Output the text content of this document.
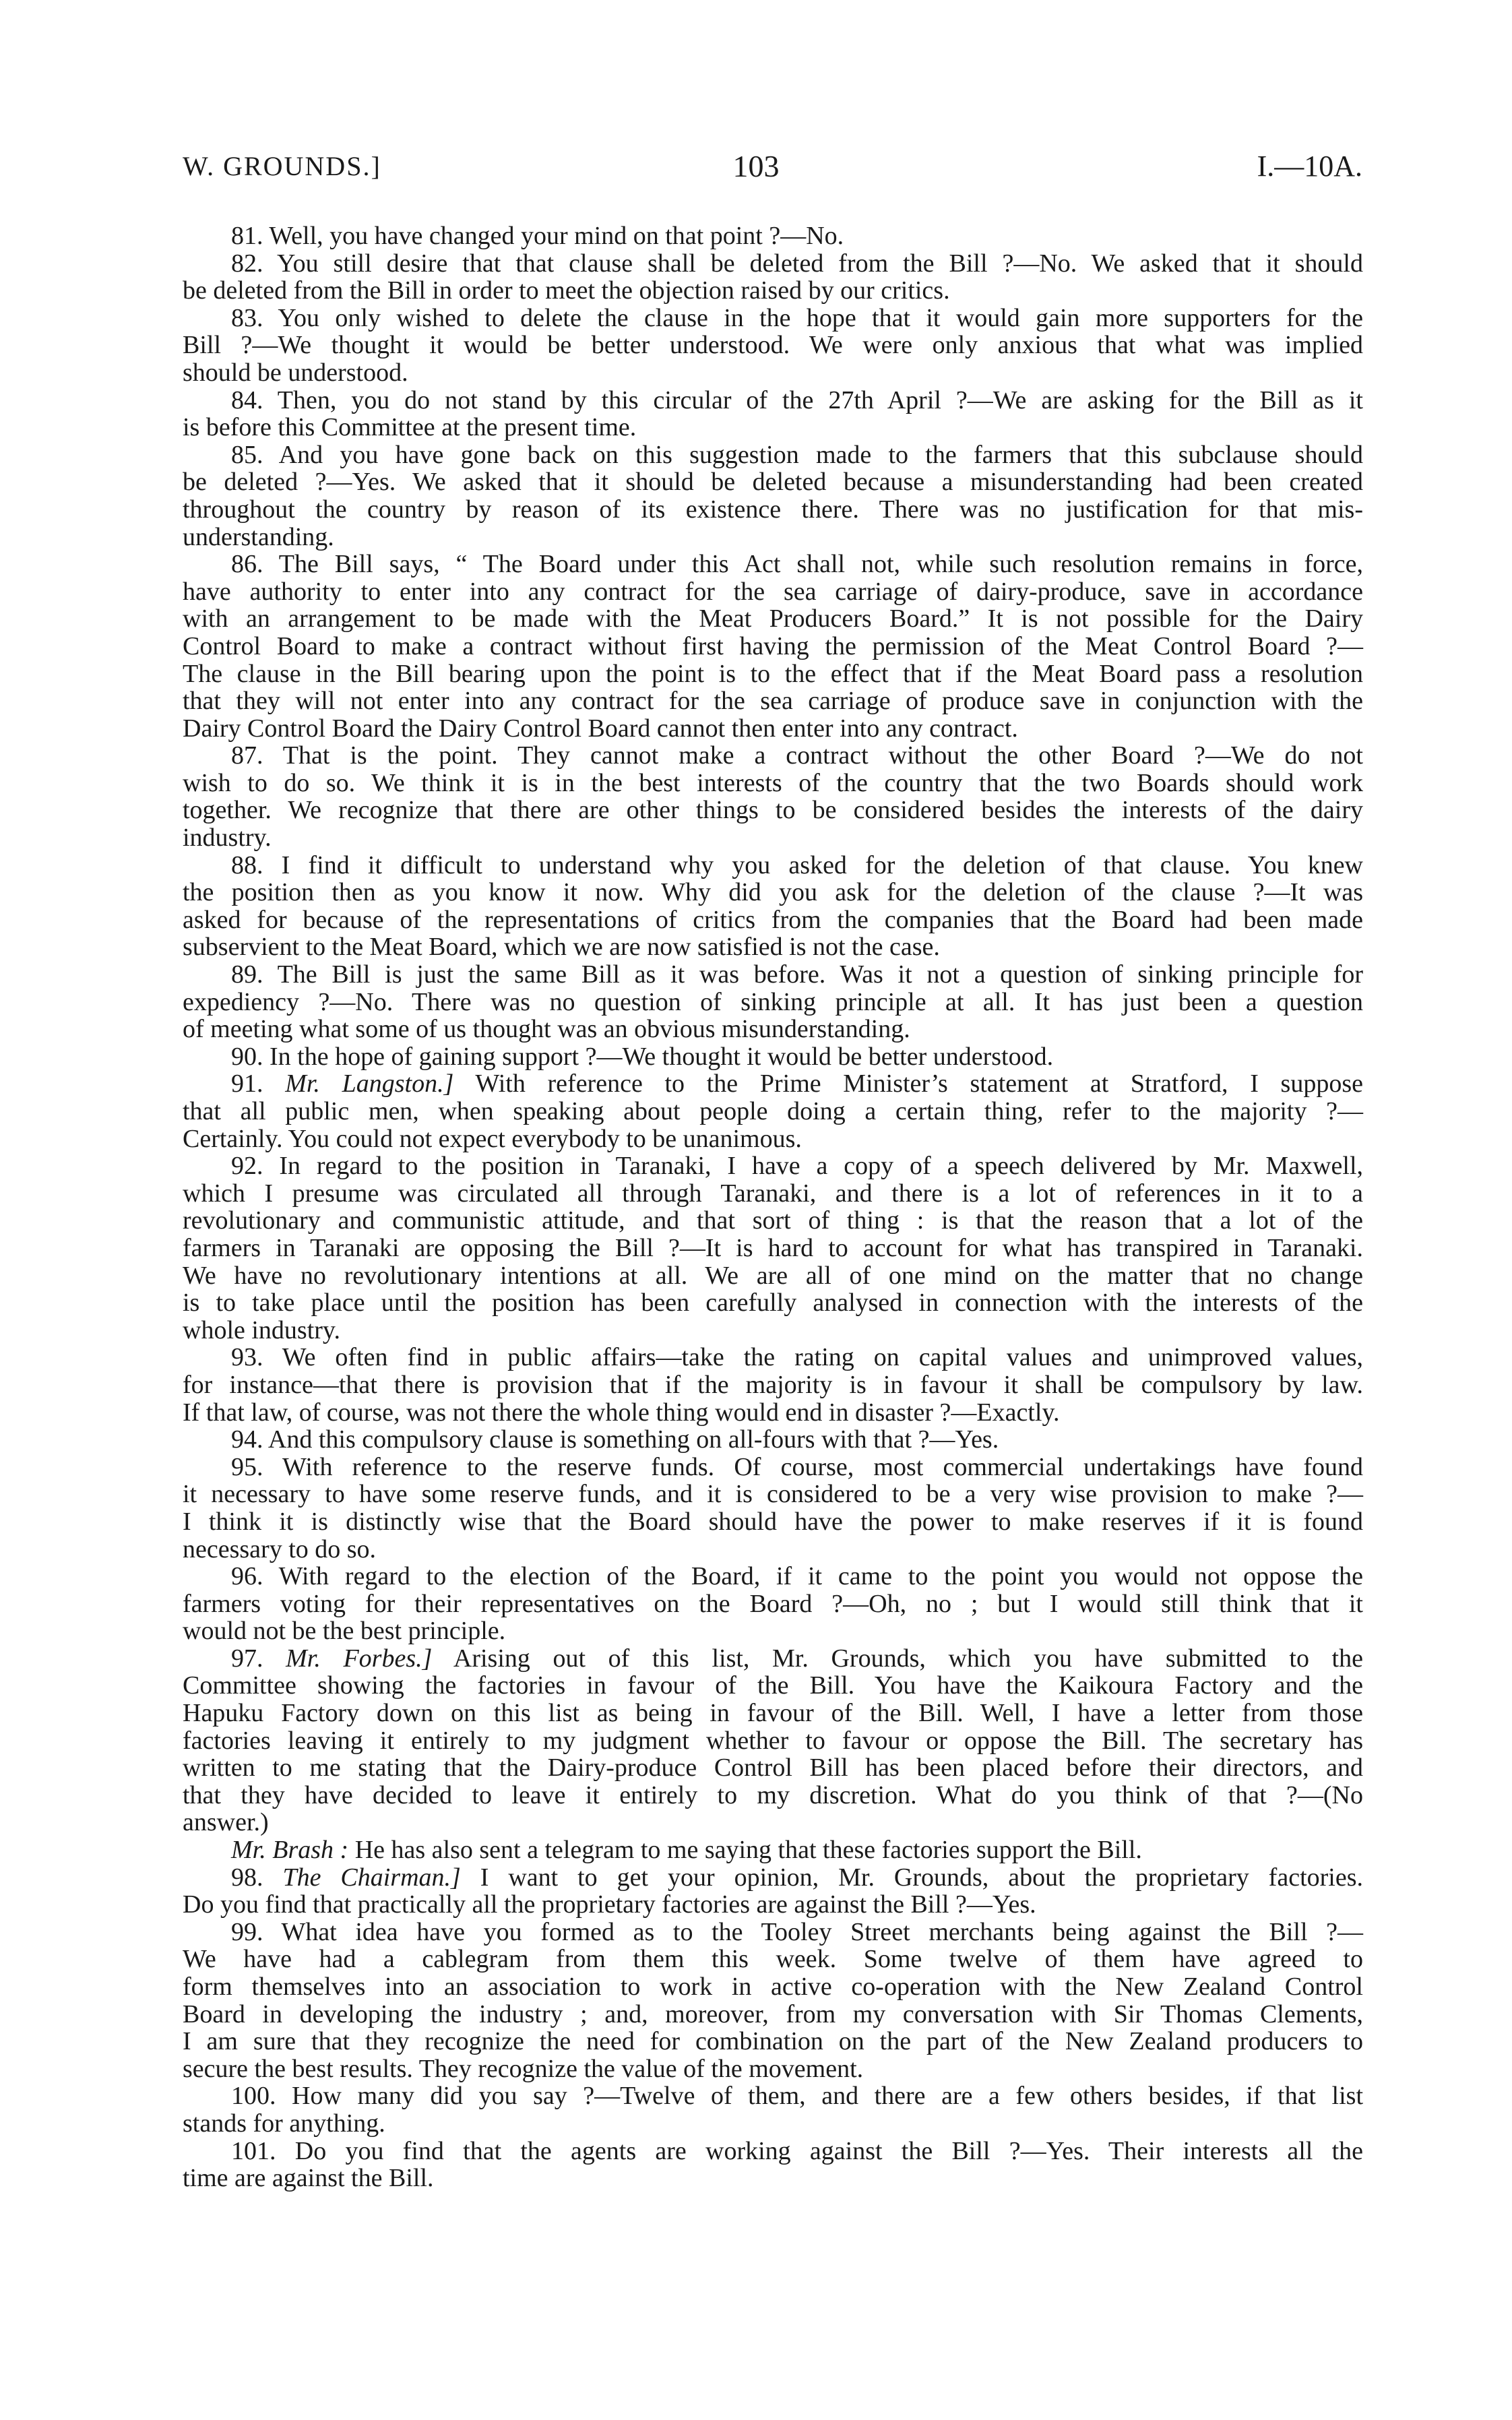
W. GROUNDS.]	103	I.—10A.
81. Well, you have changed your mind on that point ?—No.
82. You still desire that that clause shall be deleted from the Bill ?—No. We asked that it should
be deleted from the Bill in order to meet the objection raised by our critics.
83. You only wished to delete the clause in the hope that it would gain more supporters for the
Bill ?—We thought it would be better understood. We were only anxious that what was implied
should be understood.
84. Then, you do not stand by this circular of the 27th April ?—We are asking for the Bill as it
is before this Committee at the present time.
85. And you have gone back on this suggestion made to the farmers that this subclause should
be deleted ?—Yes. We asked that it should be deleted because a misunderstanding had been created
throughout the country by reason of its existence there. There was no justification for that mis-
understanding.
86. The Bill says, “ The Board under this Act shall not, while such resolution remains in force,
have authority to enter into any contract for the sea carriage of dairy-produce, save in accordance
with an arrangement to be made with the Meat Producers Board.” It is not possible for the Dairy
Control Board to make a contract without first having the permission of the Meat Control Board ?—
The clause in the Bill bearing upon the point is to the effect that if the Meat Board pass a resolution
that they will not enter into any contract for the sea carriage of produce save in conjunction with the
Dairy Control Board the Dairy Control Board cannot then enter into any contract.
87. That is the point. They cannot make a contract without the other Board ?—We do not
wish to do so. We think it is in the best interests of the country that the two Boards should work
together. We recognize that there are other things to be considered besides the interests of the dairy
industry.
88. I find it difficult to understand why you asked for the deletion of that clause. You knew
the position then as you know it now. Why did you ask for the deletion of the clause ?—It was
asked for because of the representations of critics from the companies that the Board had been made
subservient to the Meat Board, which we are now satisfied is not the case.
89. The Bill is just the same Bill as it was before. Was it not a question of sinking principle for
expediency ?—No. There was no question of sinking principle at all. It has just been a question
of meeting what some of us thought was an obvious misunderstanding.
90. In the hope of gaining support ?—We thought it would be better understood.
91. Mr. Langston.] With reference to the Prime Minister’s statement at Stratford, I suppose
that all public men, when speaking about people doing a certain thing, refer to the majority ?—
Certainly. You could not expect everybody to be unanimous.
92. In regard to the position in Taranaki, I have a copy of a speech delivered by Mr. Maxwell,
which I presume was circulated all through Taranaki, and there is a lot of references in it to a
revolutionary and communistic attitude, and that sort of thing : is that the reason that a lot of the
farmers in Taranaki are opposing the Bill ?—It is hard to account for what has transpired in Taranaki.
We have no revolutionary intentions at all. We are all of one mind on the matter that no change
is to take place until the position has been carefully analysed in connection with the interests of the
whole industry.
93. We often find in public affairs—take the rating on capital values and unimproved values,
for instance—that there is provision that if the majority is in favour it shall be compulsory by law.
If that law, of course, was not there the whole thing would end in disaster ?—Exactly.
94. And this compulsory clause is something on all-fours with that ?—Yes.
95. With reference to the reserve funds. Of course, most commercial undertakings have found
it necessary to have some reserve funds, and it is considered to be a very wise provision to make ?—
I think it is distinctly wise that the Board should have the power to make reserves if it is found
necessary to do so.
96. With regard to the election of the Board, if it came to the point you would not oppose the
farmers voting for their representatives on the Board ?—Oh, no ; but I would still think that it
would not be the best principle.
97. Mr. Forbes.] Arising out of this list, Mr. Grounds, which you have submitted to the
Committee showing the factories in favour of the Bill. You have the Kaikoura Factory and the
Hapuku Factory down on this list as being in favour of the Bill. Well, I have a letter from those
factories leaving it entirely to my judgment whether to favour or oppose the Bill. The secretary has
written to me stating that the Dairy-produce Control Bill has been placed before their directors, and
that they have decided to leave it entirely to my discretion. What do you think of that ?—(No
answer.)
Mr. Brash : He has also sent a telegram to me saying that these factories support the Bill.
98. The Chairman.] I want to get your opinion, Mr. Grounds, about the proprietary factories.
Do you find that practically all the proprietary factories are against the Bill ?—Yes.
99. What idea have you formed as to the Tooley Street merchants being against the Bill ?—
We have had a cablegram from them this week. Some twelve of them have agreed to
form themselves into an association to work in active co-operation with the New Zealand Control
Board in developing the industry ; and, moreover, from my conversation with Sir Thomas Clements,
I am sure that they recognize the need for combination on the part of the New Zealand producers to
secure the best results. They recognize the value of the movement.
100. How many did you say ?—Twelve of them, and there are a few others besides, if that list
stands for anything.
101. Do you find that the agents are working against the Bill ?—Yes. Their interests all the
time are against the Bill.
